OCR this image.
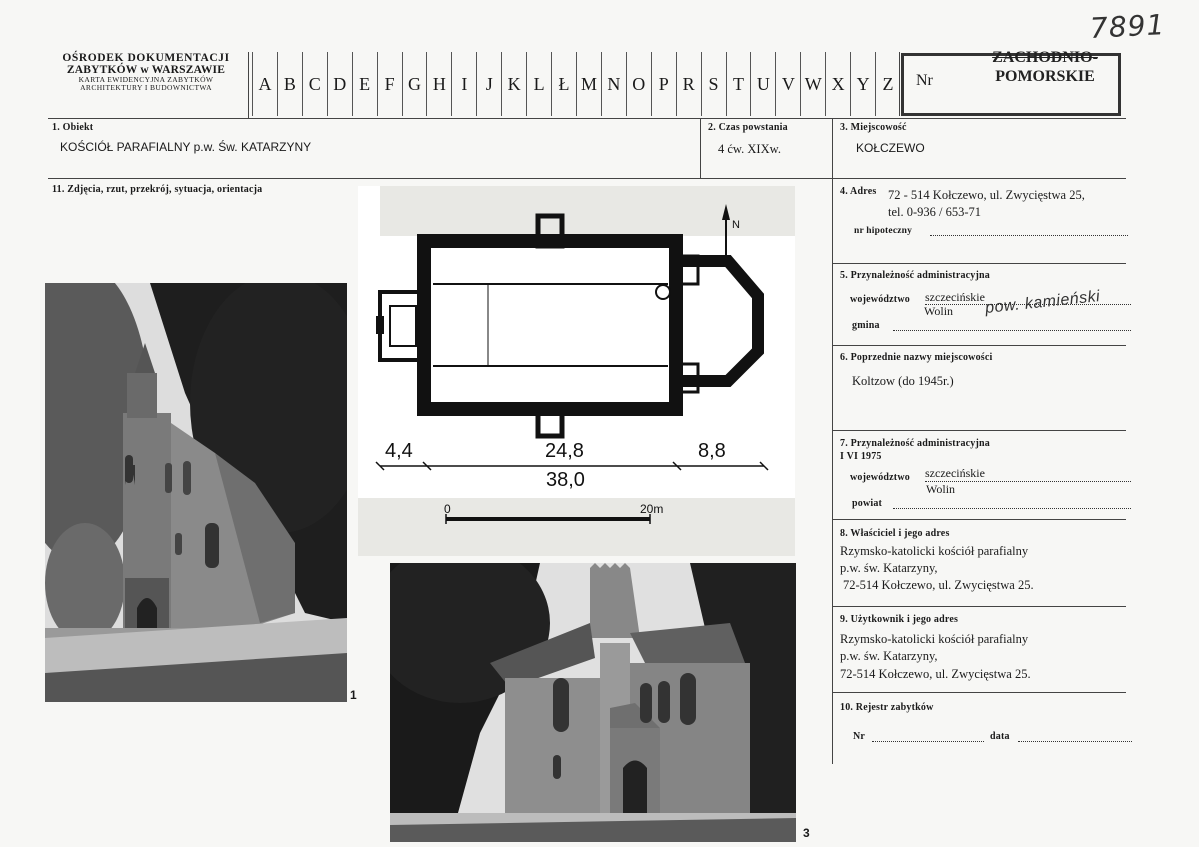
7891
OŚRODEK DOKUMENTACJI
ZABYTKÓW w WARSZAWIE
KARTA EWIDENCYJNA ZABYTKÓW
ARCHITEKTURY I BUDOWNICTWA	A B C D E F G H I	J K L Ł M N O P R S T U V W X Y Z	Nr
ZACHODNIO-
POMORSKIE
1. Obiekt
KOŚCIÓŁ PARAFIALNY p.w. Św. KATARZYNY
2. Czas powstania
4 ćw. XIXw.
3. Miejscowość
KOŁCZEWO
11. Zdjęcia, rzut, przekrój, sytuacja, orientacja	4. Adres 72 - 514 Kołczewo, ul. Zwycięstwa 25,
tel. 0-936 / 653-71
nr hipoteczny
5. Przynależność administracyjna
województwo szczecińskie
Wolin
gmina
pow. kamieński
6. Poprzednie nazwy miejscowości
Koltzow (do 1945r.)
7. Przynależność administracyjna
I VI 1975
województwo szczecińskie
Wolin
powiat
8. Właściciel i jego adres
Rzymsko-katolicki kościół parafialny
p.w. św. Katarzyny,
72-514 Kołczewo, ul. Zwycięstwa 25.
9. Użytkownik i jego adres
Rzymsko-katolicki kościół parafialny
p.w. św. Katarzyny,
72-514 Kołczewo, ul. Zwycięstwa 25.
10. Rejestr zabytków
Nr	data
1
3
N
4,4	24,8	8,8
38,0
0	20m
